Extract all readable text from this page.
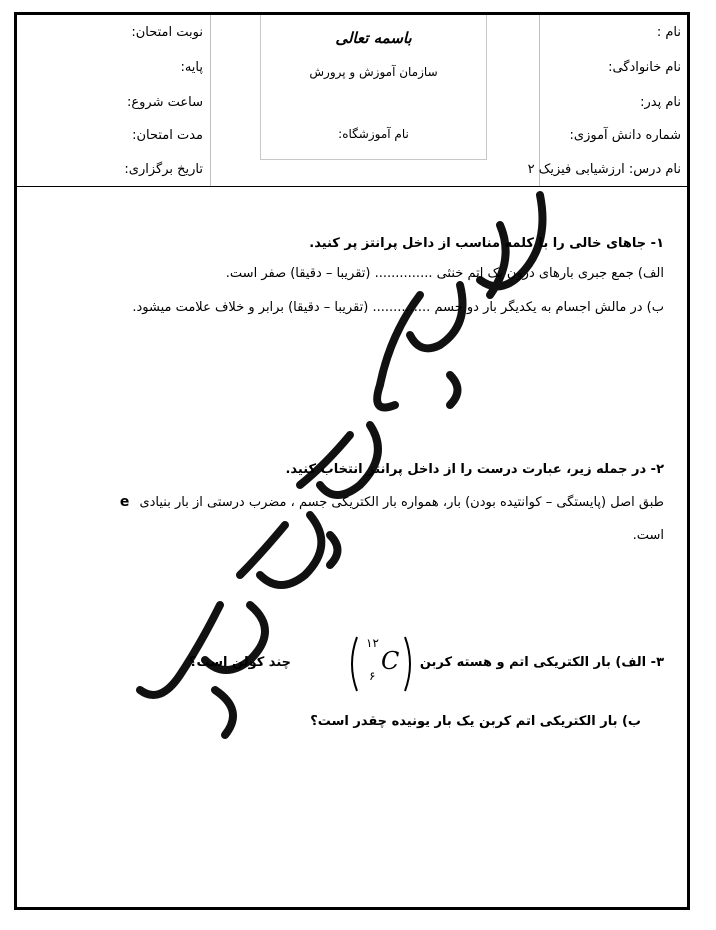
نام :
نام خانوادگی:
نام پدر:
شماره دانش آموزی:
نام درس: ارزشیابی فیزیک ۲
باسمه تعالی
سازمان آموزش و پرورش
نام آموزشگاه:
نوبت امتحان:
پایه:
ساعت شروع:
مدت امتحان:
تاریخ برگزاری:
۱- جاهای خالی را با کلمه مناسب از داخل پرانتز پر کنید.
الف) جمع جبری بارهای درون یک اتم خنثی .............. (تقریبا – دقیقا) صفر است.
ب) در مالش اجسام به یکدیگر بار دو جسم .............. (تقریبا – دقیقا) برابر و خلاف علامت میشود.
۲- در جمله زیر، عبارت درست را از داخل پرانتز انتخاب کنید.
طبق اصل (پایستگی – کوانتیده بودن) بار، همواره بار الکتریکی جسم ، مضرب درستی از بار بنیادی e
است.
۳- الف) بار الکتریکی اتم و هسته کربن
۱۲
۶
C
چند کولن است؟
ب) بار الکتریکی اتم کربن یک بار یونیده چقدر است؟
